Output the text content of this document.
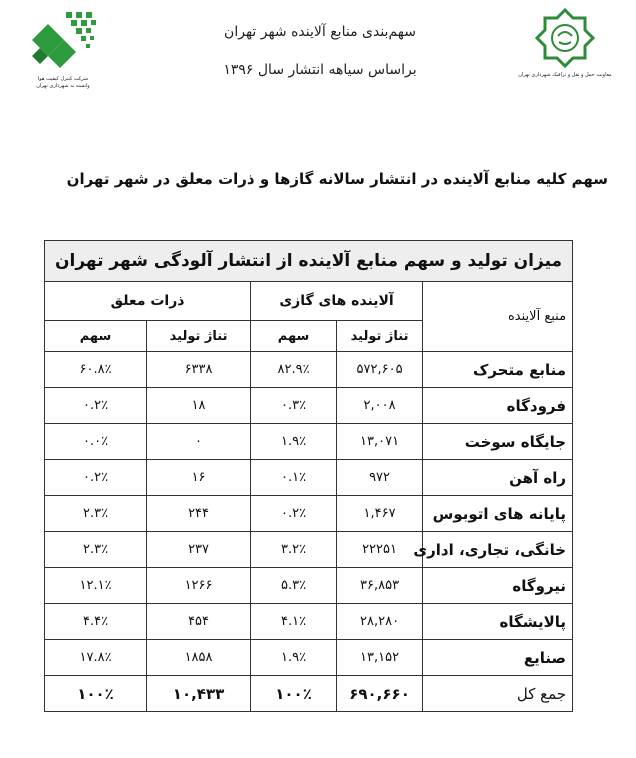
شرکت کنترل کیفیت هوا
وابسته به شهرداری تهران
سهم‌بندی منابع آلاینده شهر تهران
براساس سیاهه انتشار سال ۱۳۹۶	معاونت حمل و نقل و ترافیک شهرداری تهران
سهم کلیه منابع آلاینده در انتشار سالانه گازها و ذرات معلق در شهر تهران
میزان تولید و سهم منابع آلاینده از انتشار آلودگی شهر تهران				
منبع آلاینده	آلاینده های گازی		ذرات معلق	
	تناژ تولید	سهم	تناژ تولید	سهم
منابع متحرک	۵۷۲,۶۰۵	۸۲.۹٪	۶۳۳۸	۶۰.۸٪
فرودگاه	۲,۰۰۸	۰.۳٪	۱۸	۰.۲٪
جایگاه سوخت	۱۳,۰۷۱	۱.۹٪	۰	۰.۰٪
راه آهن	۹۷۲	۰.۱٪	۱۶	۰.۲٪
پایانه های اتوبوس	۱,۴۶۷	۰.۲٪	۲۴۴	۲.۳٪
خانگی، تجاری، اداری	۲۲۲۵۱	۳.۲٪	۲۳۷	۲.۳٪
نیروگاه	۳۶,۸۵۳	۵.۳٪	۱۲۶۶	۱۲.۱٪
پالایشگاه	۲۸,۲۸۰	۴.۱٪	۴۵۴	۴.۴٪
صنایع	۱۳,۱۵۲	۱.۹٪	۱۸۵۸	۱۷.۸٪
جمع کل	۶۹۰,۶۶۰	۱۰۰٪	۱۰,۴۳۳	۱۰۰٪
